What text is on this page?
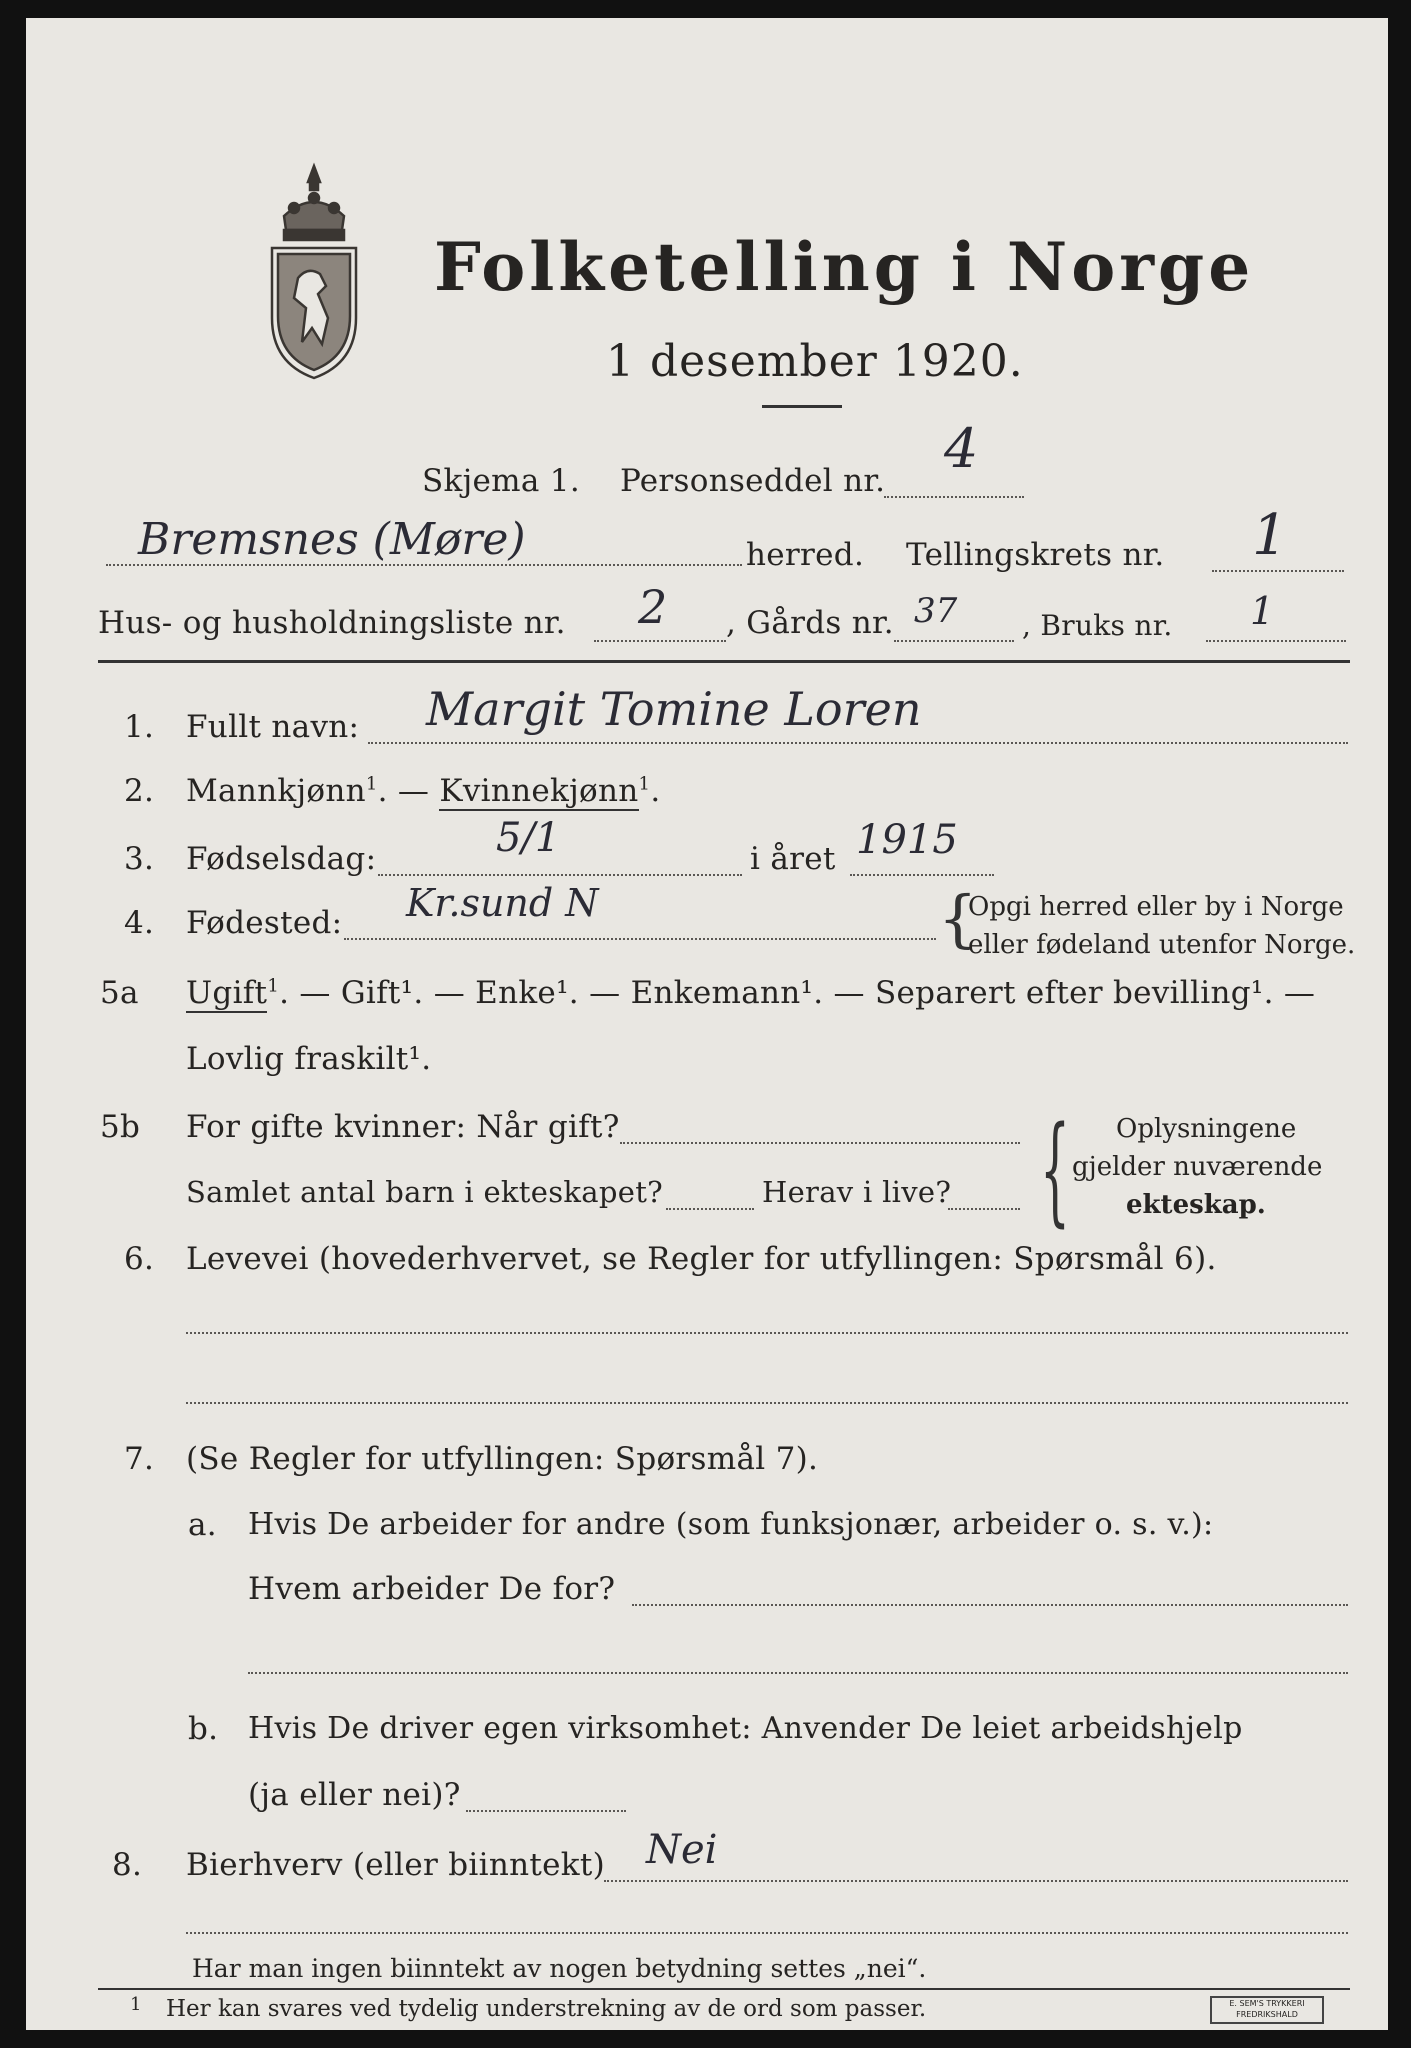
Folketelling i Norge
1 desember 1920.
Skjema 1. Personseddel nr.
4
Bremsnes (Møre)	herred. Tellingskrets nr. 1
Hus- og husholdningsliste nr. 2 , Gårds nr. 37 , Bruks nr. 1
1. Fullt navn: Margit Tomine Loren
2. Mannkjønn$^1$. — Kvinnekjønn$^1$.
3. Fødselsdag:	5/1	i året 1915
4. Fødested: Kr.sund N	{
Opgi herred eller by i Norge
eller fødeland utenfor Norge.
5a Ugift$^1$. — Gift¹. — Enke¹. — Enkemann¹. — Separert efter bevilling¹. —
Lovlig fraskilt¹.
5b For gifte kvinner: Når gift?
Samlet antal barn i ekteskapet?	Herav i live? { Oplysningene
gjelder nuværende
ekteskap.
6. Levevei (hovederhvervet, se Regler for utfyllingen: Spørsmål 6).
7. (Se Regler for utfyllingen: Spørsmål 7).
a. Hvis De arbeider for andre (som funksjonær, arbeider o. s. v.):
Hvem arbeider De for?
b. Hvis De driver egen virksomhet: Anvender De leiet arbeidshjelp
(ja eller nei)?
8. Bierhverv (eller biinntekt) Nei
Har man ingen biinntekt av nogen betydning settes „nei“.
1 Her kan svares ved tydelig understrekning av de ord som passer.	E. SEM'S TRYKKERI FREDRIKSHALD
